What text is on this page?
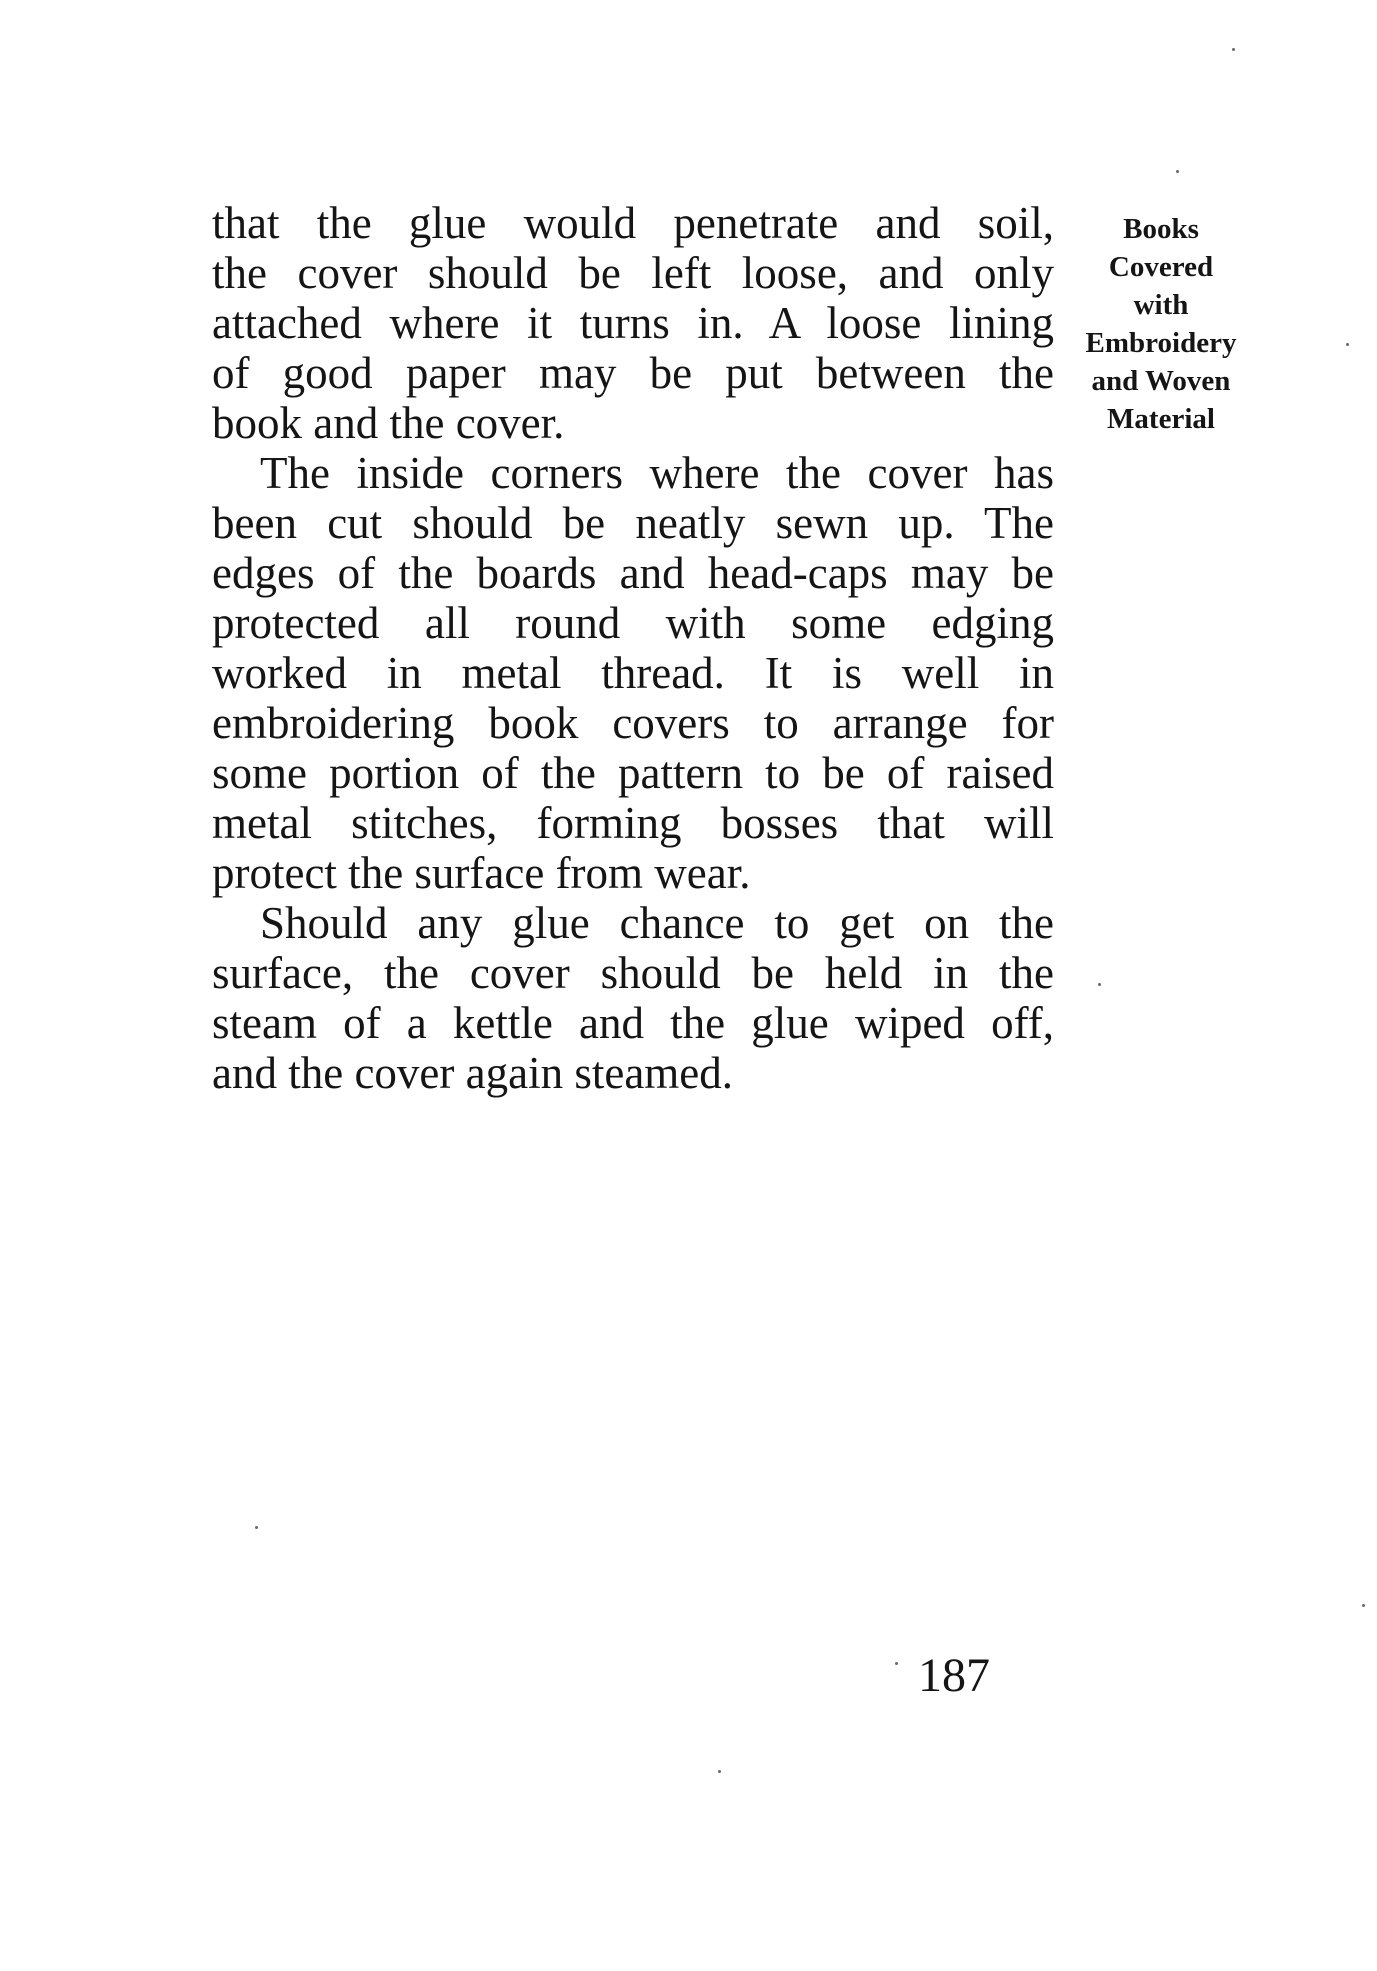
that the glue would penetrate and soil,
the cover should be left loose, and only
attached where it turns in. A loose lining
of good paper may be put between the
book and the cover.
The inside corners where the cover has
been cut should be neatly sewn up. The
edges of the boards and head-caps may be
protected all round with some edging
worked in metal thread. It is well in
embroidering book covers to arrange for
some portion of the pattern to be of raised
metal stitches, forming bosses that will
protect the surface from wear.
Should any glue chance to get on the
surface, the cover should be held in the
steam of a kettle and the glue wiped off,
and the cover again steamed.
Books
Covered
with
Embroidery
and Woven
Material
187
